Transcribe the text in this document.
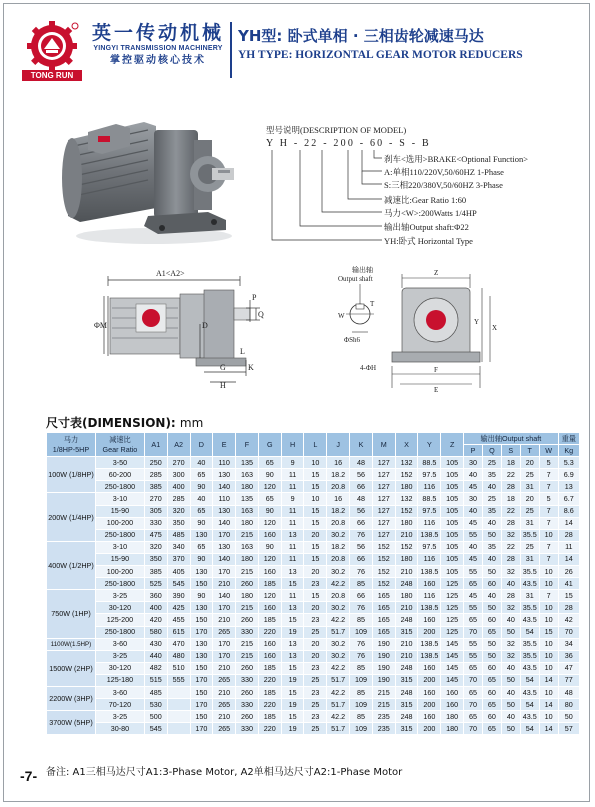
TONG RUN
英一传动机械
YINGYI TRANSMISSION MACHINERY
掌控驱动核心技术
YH型: 卧式单相 · 三相齿轮减速马达
YH TYPE: HORIZONTAL GEAR MOTOR REDUCERS
型号说明(DESCRIPTION OF MODEL)
Y H - 22 - 200 - 60 - S - B
刹车<选用>BRAKE<Optional Function>
A:单相110/220V,50/60HZ 1-Phase
S:三相220/380V,50/60HZ 3-Phase
减速比:Gear Ratio 1:60
马力<W>:200Watts 1/4HP
输出轴Output shaft:Φ22
YH:卧式 Horizontal Type
A1<A2>
P
Q
ΦM	D
L
G	K
H
输出轴
Output shaft
T
W
ΦSh6
Z
Y
X
4-ΦH	F
E
尺寸表(DIMENSION): mm
马力
1/8HP-5HP	减速比
Gear Ratio	A1	A2	D	E	F	G	H	L	J	K	M	X	Y	Z	输出轴Output shaft					重量
																P	Q	S	T	W	Kg
100W (1/8HP)	3-50	250	270	40	110	135	65	9	10	16	48	127	132	88.5	105	30	25	18	20	5	5.3
	60-200	285	300	65	130	163	90	11	15	18.2	56	127	152	97.5	105	40	35	22	25	7	6.9
	250-1800	385	400	90	140	180	120	11	15	20.8	66	127	180	116	105	45	40	28	31	7	13
200W (1/4HP)	3-10	270	285	40	110	135	65	9	10	16	48	127	132	88.5	105	30	25	18	20	5	6.7
	15-90	305	320	65	130	163	90	11	15	18.2	56	127	152	97.5	105	40	35	22	25	7	8.6
	100-200	330	350	90	140	180	120	11	15	20.8	66	127	180	116	105	45	40	28	31	7	14
	250-1800	475	485	130	170	215	160	13	20	30.2	76	127	210	138.5	105	55	50	32	35.5	10	28
400W (1/2HP)	3-10	320	340	65	130	163	90	11	15	18.2	56	152	152	97.5	105	40	35	22	25	7	11
	15-90	350	370	90	140	180	120	11	15	20.8	66	152	180	116	105	45	40	28	31	7	14
	100-200	385	405	130	170	215	160	13	20	30.2	76	152	210	138.5	105	55	50	32	35.5	10	26
	250-1800	525	545	150	210	260	185	15	23	42.2	85	152	248	160	125	65	60	40	43.5	10	41
750W (1HP)	3-25	360	390	90	140	180	120	11	15	20.8	66	165	180	116	125	45	40	28	31	7	15
	30-120	400	425	130	170	215	160	13	20	30.2	76	165	210	138.5	125	55	50	32	35.5	10	28
	125-200	420	455	150	210	260	185	15	23	42.2	85	165	248	160	125	65	60	40	43.5	10	42
	250-1800	580	615	170	265	330	220	19	25	51.7	109	165	315	200	125	70	65	50	54	15	70
1100W(1.5HP)	3-60	430	470	130	170	215	160	13	20	30.2	76	190	210	138.5	145	55	50	32	35.5	10	34
1500W (2HP)	3-25	440	480	130	170	215	160	13	20	30.2	76	190	210	138.5	145	55	50	32	35.5	10	36
	30-120	482	510	150	210	260	185	15	23	42.2	85	190	248	160	145	65	60	40	43.5	10	47
	125-180	515	555	170	265	330	220	19	25	51.7	109	190	315	200	145	70	65	50	54	14	77
2200W (3HP)	3-60	485		150	210	260	185	15	23	42.2	85	215	248	160	160	65	60	40	43.5	10	48
	70-120	530		170	265	330	220	19	25	51.7	109	215	315	200	160	70	65	50	54	14	80
3700W (5HP)	3-25	500		150	210	260	185	15	23	42.2	85	235	248	160	180	65	60	40	43.5	10	50
	30-80	545		170	265	330	220	19	25	51.7	109	235	315	200	180	70	65	50	54	14	57
备注: A1三相马达尺寸A1:3-Phase Motor, A2单相马达尺寸A2:1-Phase Motor
-7-
